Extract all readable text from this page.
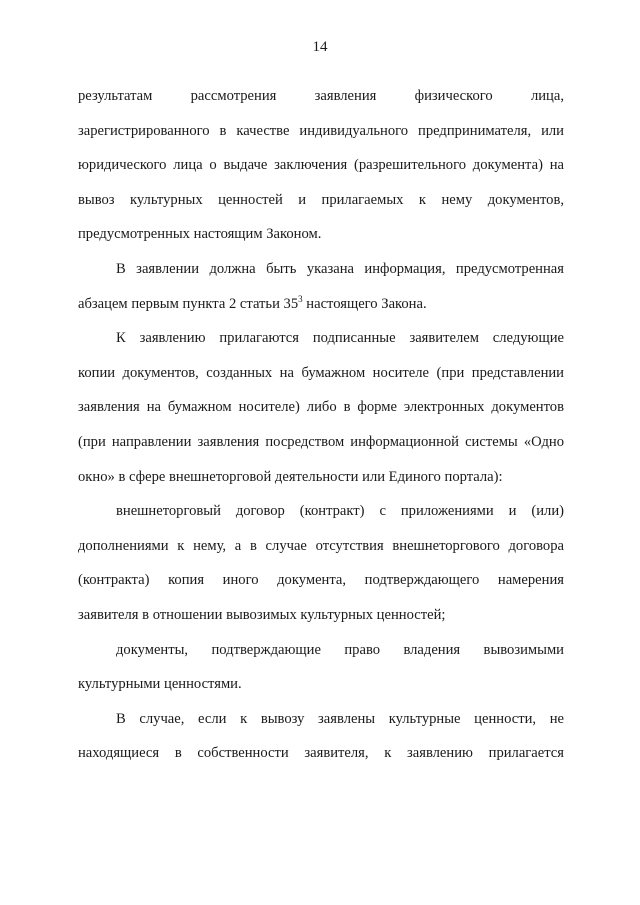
14
результатам рассмотрения заявления физического лица,
зарегистрированного в качестве индивидуального предпринимателя, или
юридического лица о выдаче заключения (разрешительного документа) на
вывоз культурных ценностей и прилагаемых к нему документов,
предусмотренных настоящим Законом.
В заявлении должна быть указана информация, предусмотренная
абзацем первым пункта 2 статьи $35^3$ настоящего Закона.
К заявлению прилагаются подписанные заявителем следующие
копии документов, созданных на бумажном носителе (при представлении
заявления на бумажном носителе) либо в форме электронных документов
(при направлении заявления посредством информационной системы «Одно
окно» в сфере внешнеторговой деятельности или Единого портала):
внешнеторговый договор (контракт) с приложениями и (или)
дополнениями к нему, а в случае отсутствия внешнеторгового договора
(контракта) копия иного документа, подтверждающего намерения
заявителя в отношении вывозимых культурных ценностей;
документы, подтверждающие право владения вывозимыми
культурными ценностями.
В случае, если к вывозу заявлены культурные ценности, не
находящиеся в собственности заявителя, к заявлению прилагается
